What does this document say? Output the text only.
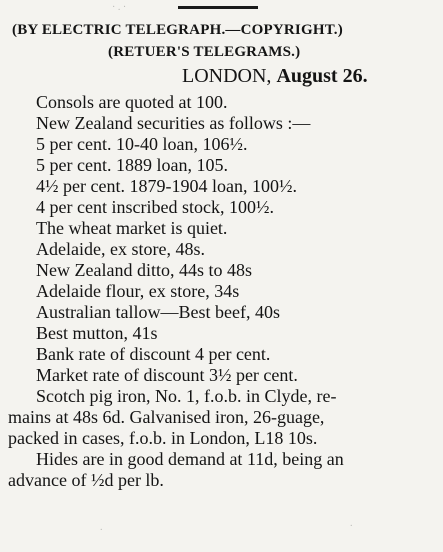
(BY ELECTRIC TELEGRAPH.—COPYRIGHT.)
(RETUER'S TELEGRAMS.)
LONDON, August 26.
Consols are quoted at 100.
New Zealand securities as follows :—
5 per cent. 10-40 loan, 106½.
5 per cent. 1889 loan, 105.
4½ per cent. 1879-1904 loan, 100½.
4 per cent inscribed stock, 100½.
The wheat market is quiet.
Adelaide, ex store, 48s.
New Zealand ditto, 44s to 48s
Adelaide flour, ex store, 34s
Australian tallow—Best beef, 40s
Best mutton, 41s
Bank rate of discount 4 per cent.
Market rate of discount 3½ per cent.
Scotch pig iron, No. 1, f.o.b. in Clyde, re-
mains at 48s 6d. Galvanised iron, 26-guage,
packed in cases, f.o.b. in London, L18 10s.
Hides are in good demand at 11d, being an
advance of ½d per lb.
· . ·
.
.
